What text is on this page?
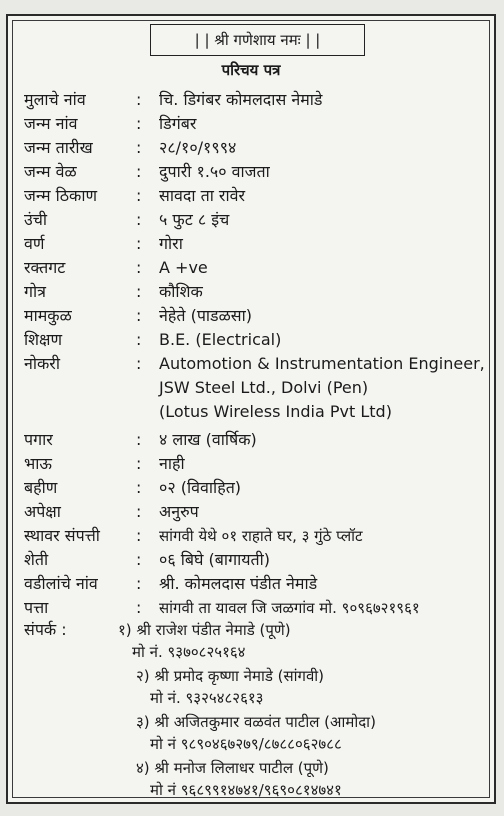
| | श्री गणेशाय नमः | |
परिचय पत्र
मुलाचे नांव	: चि. डिगंबर कोमलदास नेमाडे
जन्म नांव	: डिगंबर
जन्म तारीख	: २८/१०/१९९४
जन्म वेळ	: दुपारी १.५० वाजता
जन्म ठिकाण	: सावदा ता रावेर
उंची	: ५ फुट ८ इंच
वर्ण	: गोरा
रक्तगट	: A +ve
गोत्र	: कौशिक
मामकुळ	: नेहेते (पाडळसा)
शिक्षण	: B.E. (Electrical)
नोकरी	: Automotion & Instrumentation Engineer,
JSW Steel Ltd., Dolvi (Pen)
(Lotus Wireless India Pvt Ltd)
पगार	: ४ लाख (वार्षिक)
भाऊ	: नाही
बहीण	: ०२ (विवाहित)
अपेक्षा	: अनुरुप
स्थावर संपत्ती	:	सांगवी येथे ०१ राहाते घर, ३ गुंठे प्लॉट
शेती	: ०६ बिघे (बागायती)
वडीलांचे नांव	: श्री. कोमलदास पंडीत नेमाडे
पत्ता	:	सांगवी ता यावल जि जळगांव मो. ९०९६७२१९६१
संपर्क :	१) श्री राजेश पंडीत नेमाडे (पूणे)
मो नं. ९३७०८२५१६४
२) श्री प्रमोद कृष्णा नेमाडे (सांगवी)
मो नं. ९३२५४८२६१३
३) श्री अजितकुमार वळवंत पाटील (आमोदा)
मो नं ९८९०४६७२७९/८७८८०६२७८८
४) श्री मनोज लिलाधर पाटील (पूणे)
मो नं ९६८९९१४७४१/९६९०८१४७४१
